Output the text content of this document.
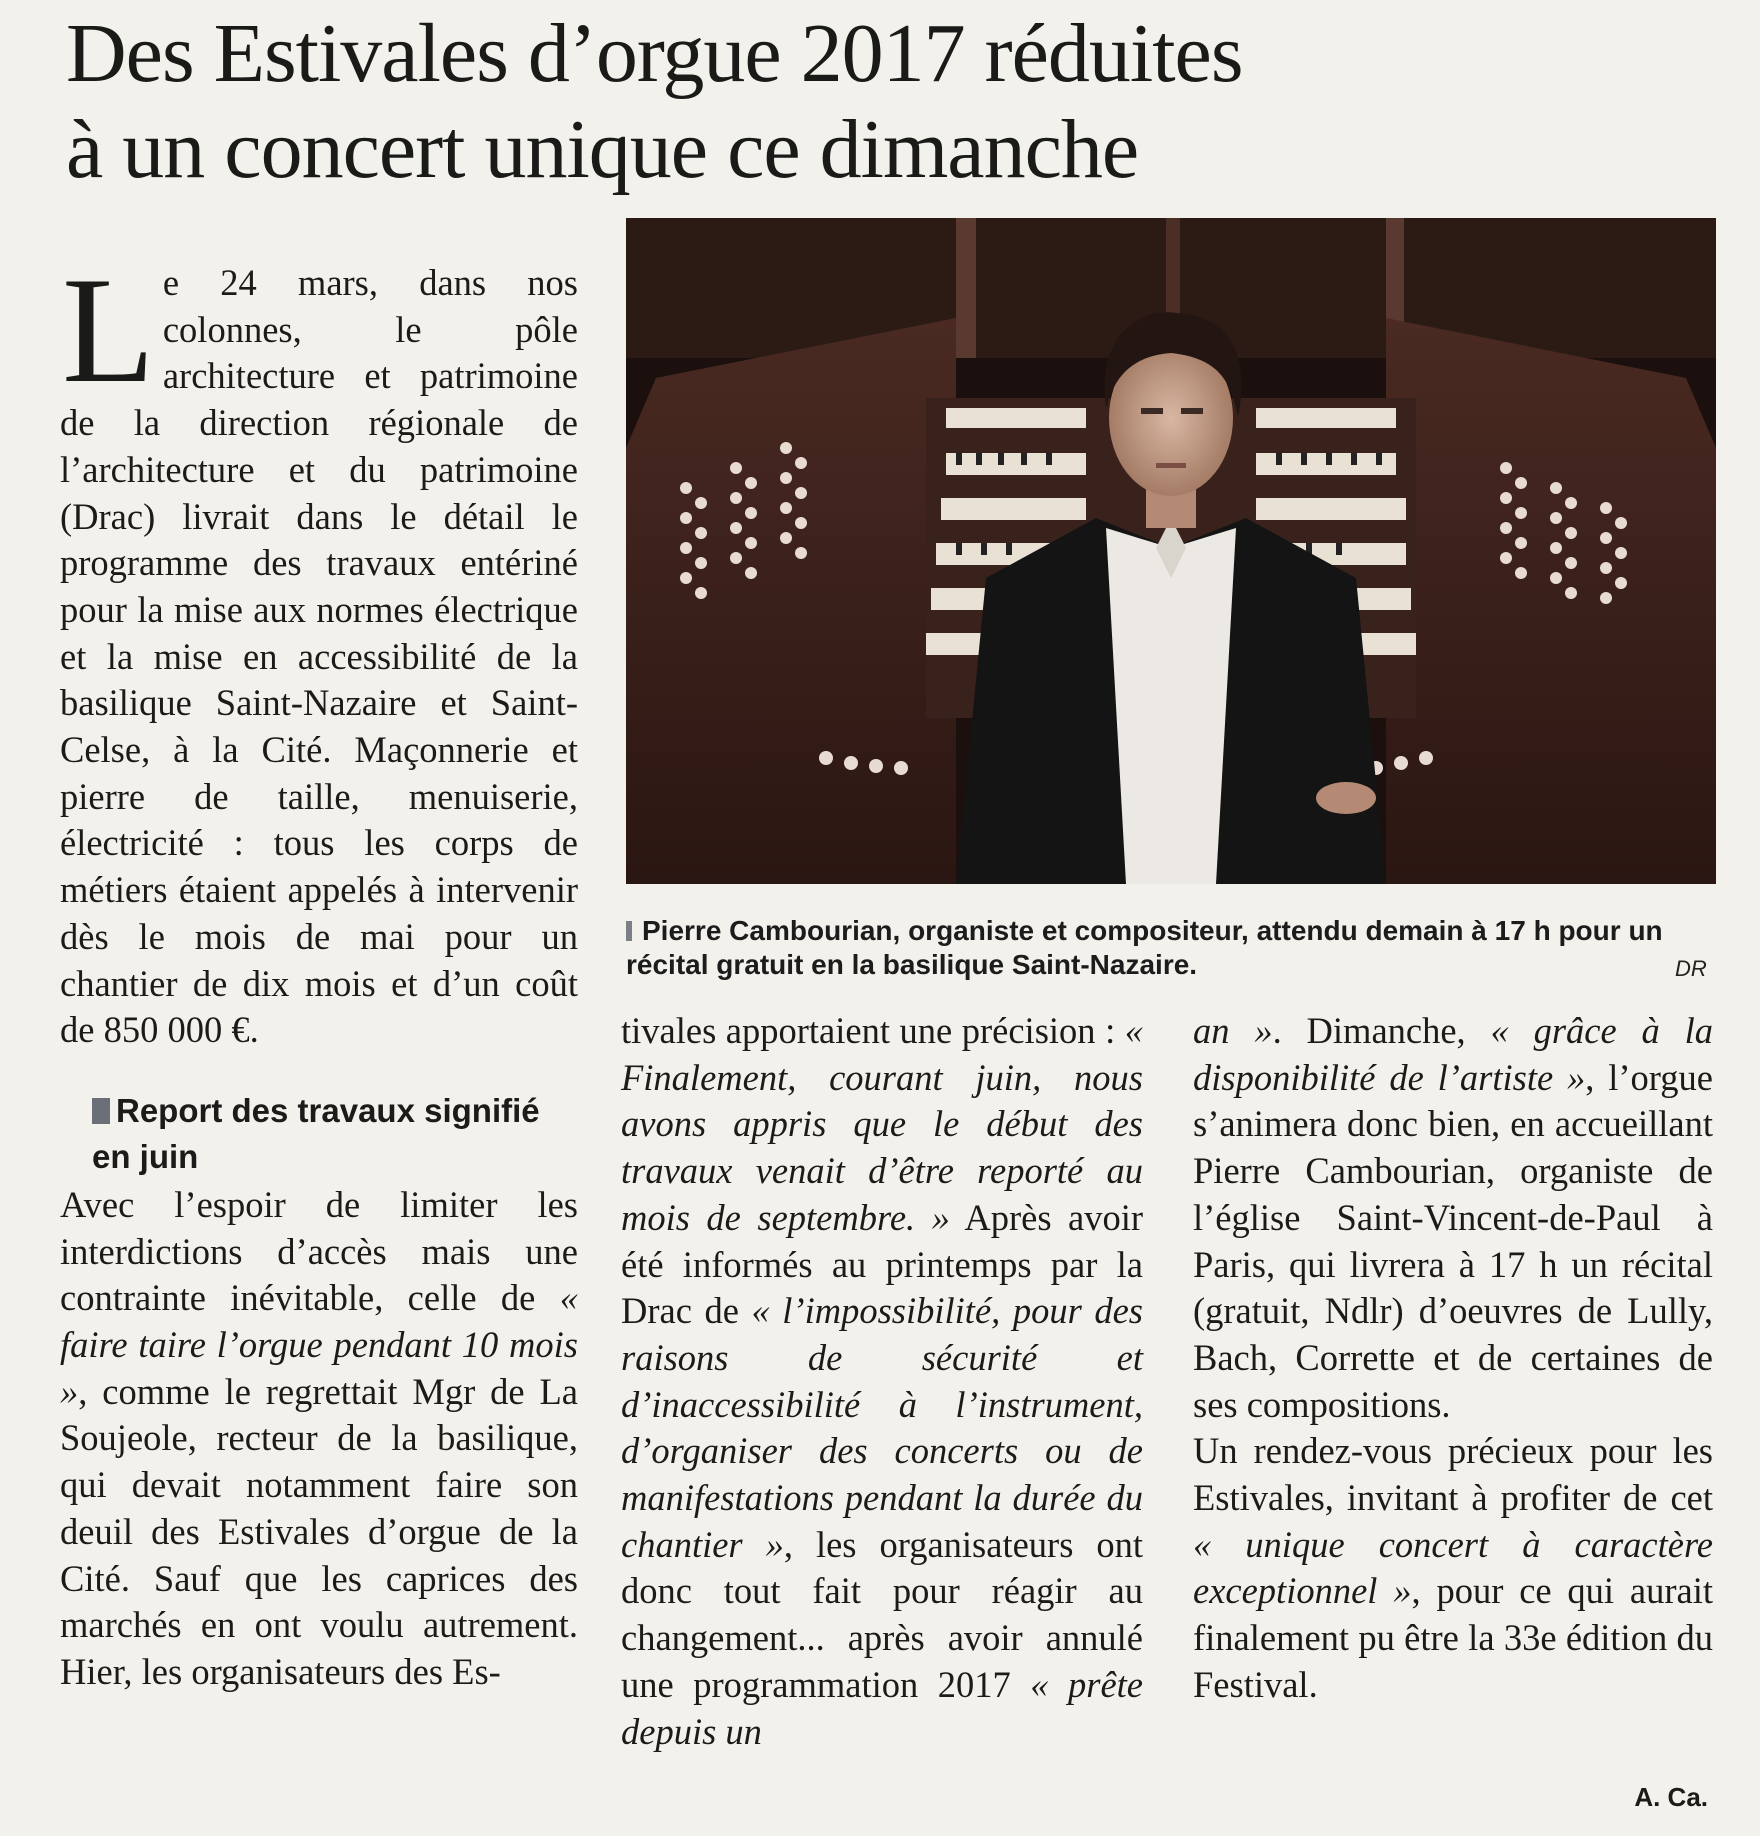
Des Estivales d’orgue 2017 réduites
à un concert unique ce dimanche

Le 24 mars, dans nos colonnes, le pôle architecture et patrimoine de la direction régionale de l’architecture et du patrimoine (Drac) livrait dans le détail le programme des travaux entériné pour la mise aux normes électrique et la mise en accessibilité de la basilique Saint-Nazaire et Saint-Celse, à la Cité. Maçonnerie et pierre de taille, menuiserie, électricité : tous les corps de métiers étaient appelés à intervenir dès le mois de mai pour un chantier de dix mois et d’un coût de 850 000 €.

Report des travaux signifié en juin

Avec l’espoir de limiter les interdictions d’accès mais une contrainte inévitable, celle de « faire taire l’orgue pendant 10 mois », comme le regrettait Mgr de La Soujeole, recteur de la basilique, qui devait notamment faire son deuil des Estivales d’orgue de la Cité. Sauf que les caprices des marchés en ont voulu autrement. Hier, les organisateurs des Es-

Pierre Cambourian, organiste et compositeur, attendu demain à 17 h pour un récital gratuit en la basilique Saint-Nazaire.	DR

tivales apportaient une précision : « Finalement, courant juin, nous avons appris que le début des travaux venait d’être reporté au mois de septembre. » Après avoir été informés au printemps par la Drac de « l’impossibilité, pour des raisons de sécurité et d’inaccessibilité à l’instrument, d’organiser des concerts ou de manifestations pendant la durée du chantier », les organisateurs ont donc tout fait pour réagir au changement... après avoir annulé une programmation 2017 « prête depuis un

an ». Dimanche, « grâce à la disponibilité de l’artiste », l’orgue s’animera donc bien, en accueillant Pierre Cambourian, organiste de l’église Saint-Vincent-de-Paul à Paris, qui livrera à 17 h un récital (gratuit, Ndlr) d’oeuvres de Lully, Bach, Corrette et de certaines de ses compositions.

Un rendez-vous précieux pour les Estivales, invitant à profiter de cet « unique concert à caractère exceptionnel », pour ce qui aurait finalement pu être la 33e édition du Festival.

A. Ca.
